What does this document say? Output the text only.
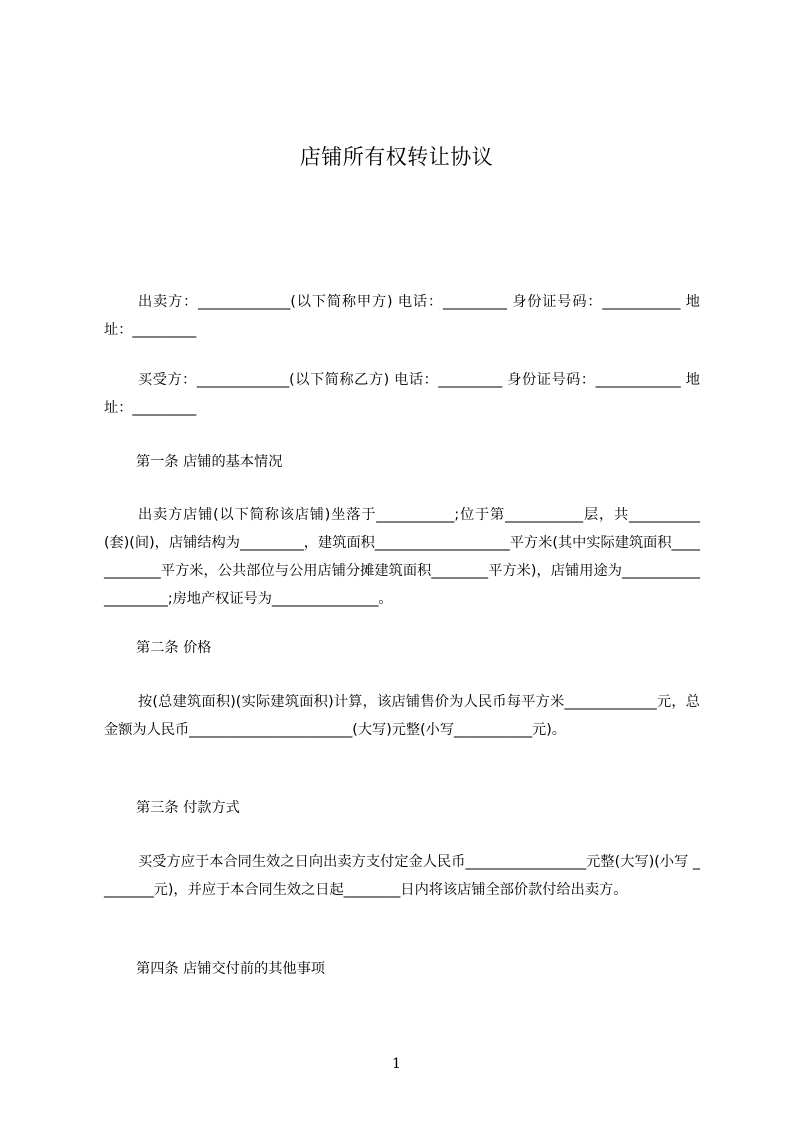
店铺所有权转让协议
出卖方：_____________(以下简称甲方) 电话：_________ 身份证号码：___________ 地址：_________
买受方：_____________(以下简称乙方) 电话：_________ 身份证号码：____________ 地址：_________
第一条 店铺的基本情况
出卖方店铺(以下简称该店铺)坐落于___________;位于第___________层，共__________(套)(间)，店铺结构为_________，建筑面积___________________平方米(其中实际建筑面积____________平方米，公共部位与公用店铺分摊建筑面积________平方米)，店铺用途为____________________;房地产权证号为_______________。
第二条 价格
按(总建筑面积)(实际建筑面积)计算，该店铺售价为人民币每平方米_____________元，总金额为人民币_______________________(大写)元整(小写___________元)。
第三条 付款方式
买受方应于本合同生效之日向出卖方支付定金人民币_________________元整(大写)(小写 ________元)，并应于本合同生效之日起________日内将该店铺全部价款付给出卖方。
第四条 店铺交付前的其他事项
1
